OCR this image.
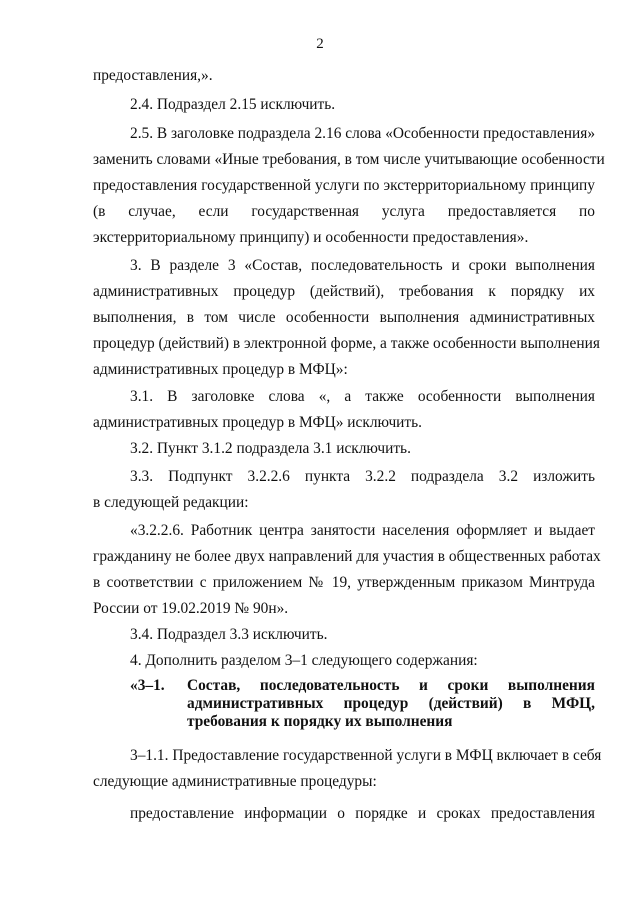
2
предоставления,».
2.4. Подраздел 2.15 исключить.
2.5. В заголовке подраздела 2.16 слова «Особенности предоставления»
заменить словами «Иные требования, в том числе учитывающие особенности
предоставления государственной услуги по экстерриториальному принципу
(в случае, если государственная услуга предоставляется по
экстерриториальному принципу) и особенности предоставления».
3. В разделе 3 «Состав, последовательность и сроки выполнения
административных процедур (действий), требования к порядку их
выполнения, в том числе особенности выполнения административных
процедур (действий) в электронной форме, а также особенности выполнения
административных процедур в МФЦ»:
3.1. В заголовке слова «, а также особенности выполнения
административных процедур в МФЦ» исключить.
3.2. Пункт 3.1.2 подраздела 3.1 исключить.
3.3. Подпункт 3.2.2.6 пункта 3.2.2 подраздела 3.2 изложить
в следующей редакции:
«3.2.2.6. Работник центра занятости населения оформляет и выдает
гражданину не более двух направлений для участия в общественных работах
в соответствии с приложением № 19, утвержденным приказом Минтруда
России от 19.02.2019 № 90н».
3.4. Подраздел 3.3 исключить.
4. Дополнить разделом 3–1 следующего содержания:
«3–1. Состав, последовательность и сроки выполнения
административных процедур (действий) в МФЦ,
требования к порядку их выполнения
3–1.1. Предоставление государственной услуги в МФЦ включает в себя
следующие административные процедуры:
предоставление информации о порядке и сроках предоставления
